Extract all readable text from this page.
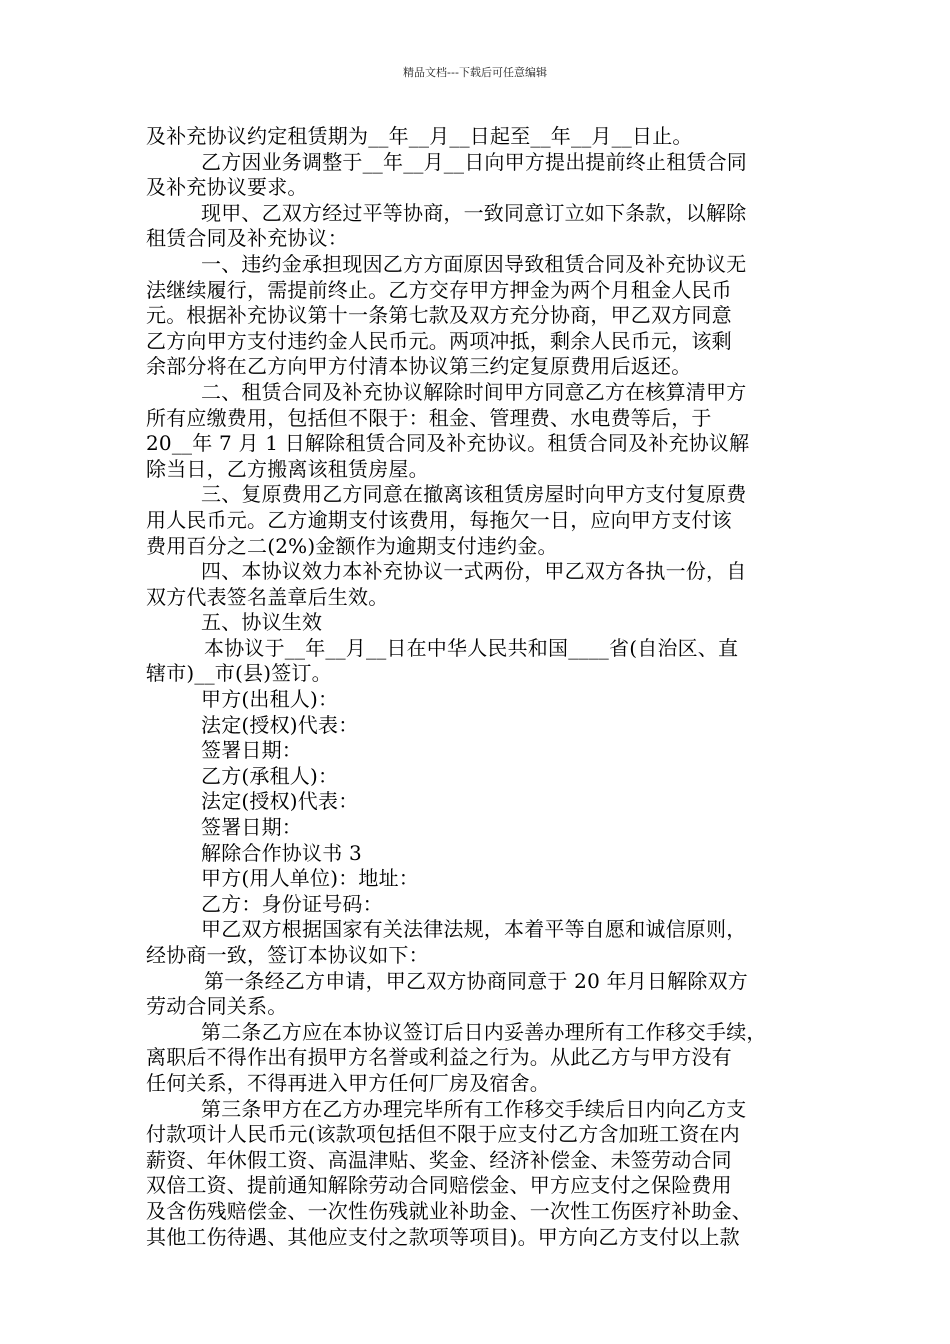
精品文档---下载后可任意编辑
及补充协议约定租赁期为__年__月__日起至__年__月__日止。
乙方因业务调整于__年__月__日向甲方提出提前终止租赁合同
及补充协议要求。
现甲、乙双方经过平等协商，一致同意订立如下条款，以解除
租赁合同及补充协议：
一、违约金承担现因乙方方面原因导致租赁合同及补充协议无
法继续履行，需提前终止。乙方交存甲方押金为两个月租金人民币
元。根据补充协议第十一条第七款及双方充分协商，甲乙双方同意
乙方向甲方支付违约金人民币元。两项冲抵，剩余人民币元，该剩
余部分将在乙方向甲方付清本协议第三约定复原费用后返还。
二、租赁合同及补充协议解除时间甲方同意乙方在核算清甲方
所有应缴费用，包括但不限于：租金、管理费、水电费等后，于
20__年 7 月 1 日解除租赁合同及补充协议。租赁合同及补充协议解
除当日，乙方搬离该租赁房屋。
三、复原费用乙方同意在撤离该租赁房屋时向甲方支付复原费
用人民币元。乙方逾期支付该费用，每拖欠一日，应向甲方支付该
费用百分之二(2%)金额作为逾期支付违约金。
四、本协议效力本补充协议一式两份，甲乙双方各执一份，自
双方代表签名盖章后生效。
五、协议生效
本协议于__年__月__日在中华人民共和国____省(自治区、直
辖市)__市(县)签订。
甲方(出租人)：
法定(授权)代表：
签署日期：
乙方(承租人)：
法定(授权)代表：
签署日期：
解除合作协议书 3
甲方(用人单位)：地址：
乙方：身份证号码：
甲乙双方根据国家有关法律法规，本着平等自愿和诚信原则，
经协商一致，签订本协议如下：
第一条经乙方申请，甲乙双方协商同意于 20 年月日解除双方
劳动合同关系。
第二条乙方应在本协议签订后日内妥善办理所有工作移交手续，
离职后不得作出有损甲方名誉或利益之行为。从此乙方与甲方没有
任何关系，不得再进入甲方任何厂房及宿舍。
第三条甲方在乙方办理完毕所有工作移交手续后日内向乙方支
付款项计人民币元(该款项包括但不限于应支付乙方含加班工资在内
薪资、年休假工资、高温津贴、奖金、经济补偿金、未签劳动合同
双倍工资、提前通知解除劳动合同赔偿金、甲方应支付之保险费用
及含伤残赔偿金、一次性伤残就业补助金、一次性工伤医疗补助金、
其他工伤待遇、其他应支付之款项等项目)。甲方向乙方支付以上款
